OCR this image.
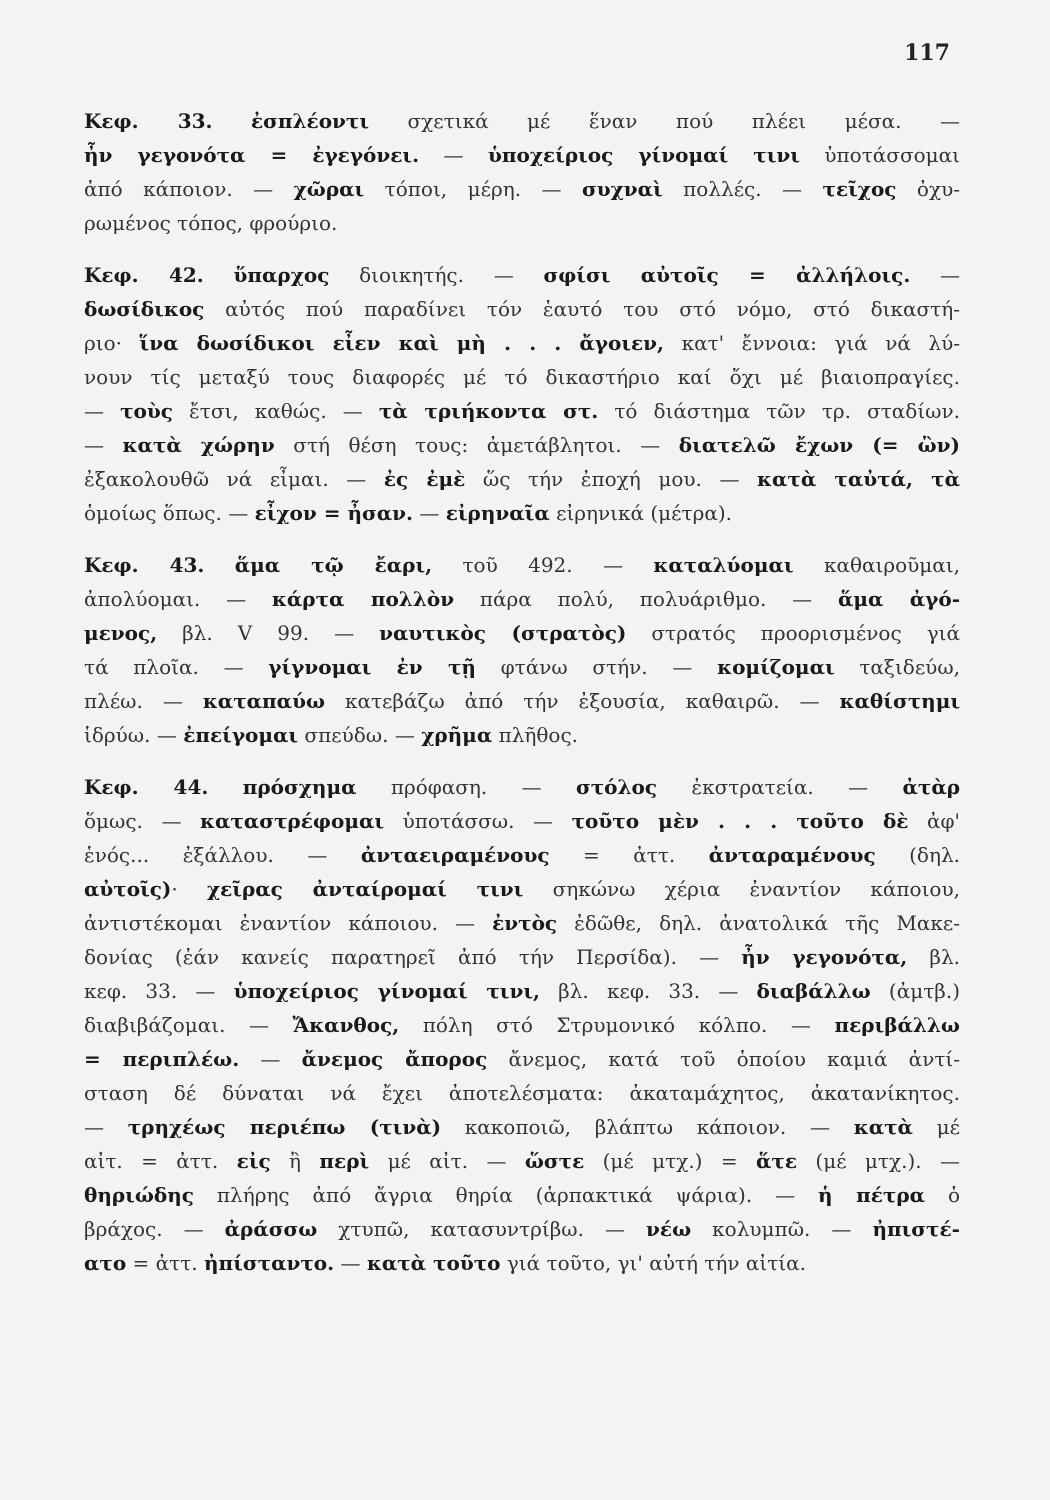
117
Κεφ. 33. ἐσπλέοντι σχετικά μέ ἕναν πού πλέει μέσα. —
ἦν γεγονότα = ἐγεγόνει. — ὑποχείριος γίνομαί τινι ὑποτάσσομαι
ἀπό κάποιον. — χῶραι τόποι, μέρη. — συχναὶ πολλές. — τεῖχος ὀχυ-
ρωμένος τόπος, φρούριο.
Κεφ. 42. ὕπαρχος διοικητής. — σφίσι αὐτοῖς = ἀλλήλοις. —
δωσίδικος αὐτός πού παραδίνει τόν ἑαυτό του στό νόμο, στό δικαστή-
ριο· ἵνα δωσίδικοι εἶεν καὶ μὴ . . . ἄγοιεν, κατ' ἔννοια: γιά νά λύ-
νουν τίς μεταξύ τους διαφορές μέ τό δικαστήριο καί ὄχι μέ βιαιοπραγίες.
— τοὺς ἔτσι, καθώς. — τὰ τριήκοντα στ. τό διάστημα τῶν τρ. σταδίων.
— κατὰ χώρην στή θέση τους: ἀμετάβλητοι. — διατελῶ ἔχων (= ὢν)
ἐξακολουθῶ νά εἶμαι. — ἐς ἐμὲ ὥς τήν ἐποχή μου. — κατὰ ταὐτά, τὰ
ὁμοίως ὅπως. — εἶχον = ἦσαν. — εἰρηναῖα εἰρηνικά (μέτρα).
Κεφ. 43. ἅμα τῷ ἔαρι, τοῦ 492. — καταλύομαι καθαιροῦμαι,
ἀπολύομαι. — κάρτα πολλὸν πάρα πολύ, πολυάριθμο. — ἅμα ἀγό-
μενος, βλ. V 99. — ναυτικὸς (στρατὸς) στρατός προορισμένος γιά
τά πλοῖα. — γίγνομαι ἐν τῇ φτάνω στήν. — κομίζομαι ταξιδεύω,
πλέω. — καταπαύω κατεβάζω ἀπό τήν ἐξουσία, καθαιρῶ. — καθίστημι
ἱδρύω. — ἐπείγομαι σπεύδω. — χρῆμα πλῆθος.
Κεφ. 44. πρόσχημα πρόφαση. — στόλος ἐκστρατεία. — ἀτὰρ
ὅμως. — καταστρέφομαι ὑποτάσσω. — τοῦτο μὲν . . . τοῦτο δὲ ἀφ'
ἑνός... ἐξάλλου. — ἀνταειραμένους = ἀττ. ἀνταραμένους (δηλ.
αὐτοῖς)· χεῖρας ἀνταίρομαί τινι σηκώνω χέρια ἐναντίον κάποιου,
ἀντιστέκομαι ἐναντίον κάποιου. — ἐντὸς ἐδῶθε, δηλ. ἀνατολικά τῆς Μακε-
δονίας (ἐάν κανείς παρατηρεῖ ἀπό τήν Περσίδα). — ἦν γεγονότα, βλ.
κεφ. 33. — ὑποχείριος γίνομαί τινι, βλ. κεφ. 33. — διαβάλλω (ἀμτβ.)
διαβιβάζομαι. — Ἄκανθος, πόλη στό Στρυμονικό κόλπο. — περιβάλλω
= περιπλέω. — ἄνεμος ἄπορος ἄνεμος, κατά τοῦ ὁποίου καμιά ἀντί-
σταση δέ δύναται νά ἔχει ἀποτελέσματα: ἀκαταμάχητος, ἀκατανίκητος.
— τρηχέως περιέπω (τινὰ) κακοποιῶ, βλάπτω κάποιον. — κατὰ μέ
αἰτ. = ἀττ. εἰς ἢ περὶ μέ αἰτ. — ὥστε (μέ μτχ.) = ἅτε (μέ μτχ.). —
θηριώδης πλήρης ἀπό ἄγρια θηρία (ἁρπακτικά ψάρια). — ἡ πέτρα ὁ
βράχος. — ἀράσσω χτυπῶ, κατασυντρίβω. — νέω κολυμπῶ. — ἠπιστέ-
ατο = ἀττ. ἠπίσταντο. — κατὰ τοῦτο γιά τοῦτο, γι' αὐτή τήν αἰτία.
